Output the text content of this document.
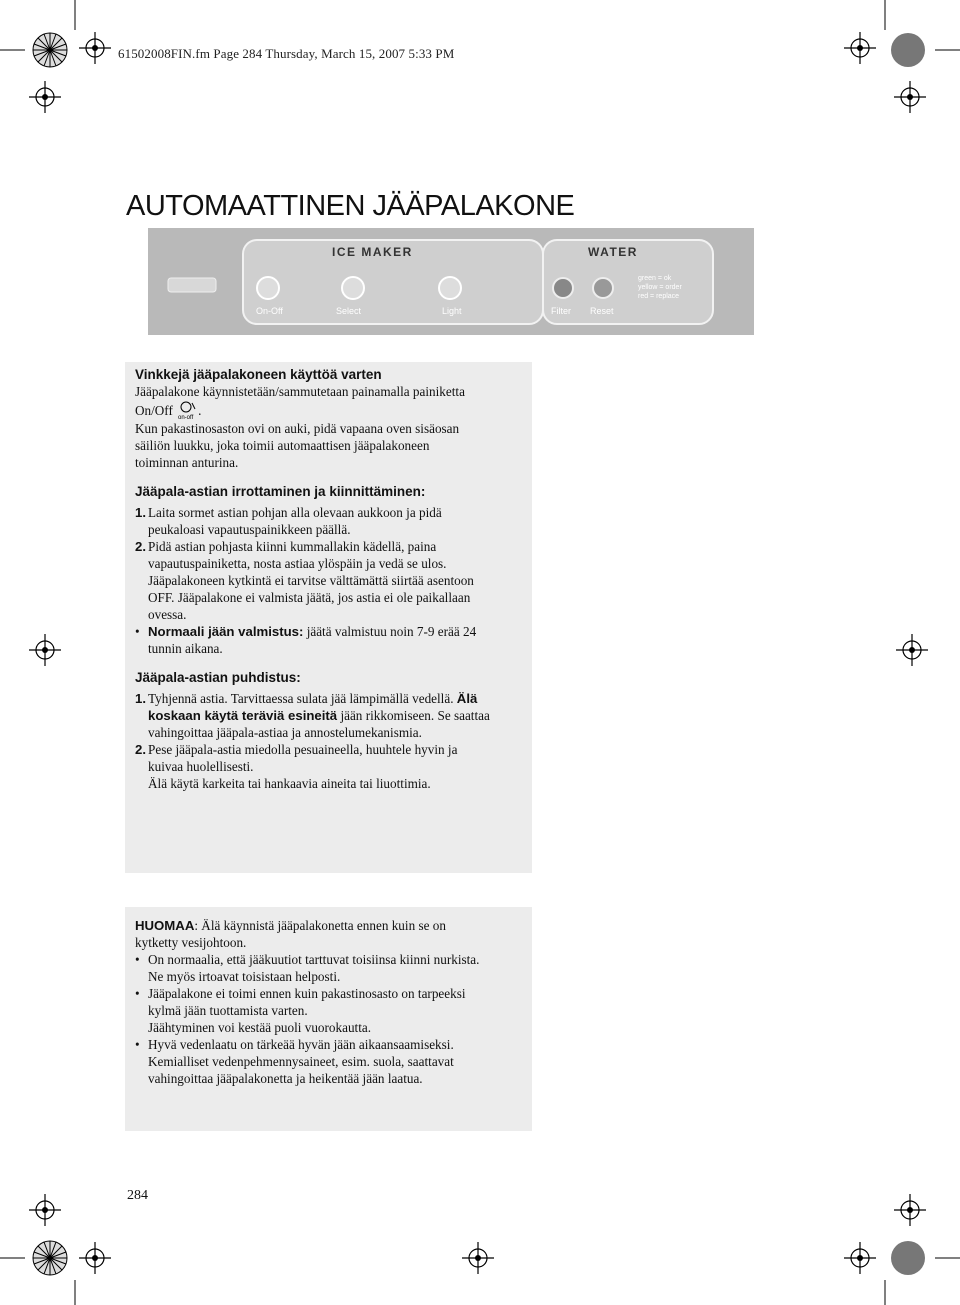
61502008FIN.fm Page 284 Thursday, March 15, 2007 5:33 PM
AUTOMAATTINEN JÄÄPALAKONE
ICE MAKER	WATER
green = ok
yellow = order
red = replace
On-Off	Select	Light	Filter Reset

Vinkkejä jääpalakoneen käyttöä varten

Jääpalakone käynnistetään/sammutetaan painamalla painiketta

On/Off on-off .

Kun pakastinosaston ovi on auki, pidä vapaana oven sisäosan

säiliön luukku, joka toimii automaattisen jääpalakoneen

toiminnan anturina.

Jääpala-astian irrottaminen ja kiinnittäminen:

1. Laita sormet astian pohjan alla olevaan aukkoon ja pidä

peukaloasi vapautuspainikkeen päällä.

2. Pidä astian pohjasta kiinni kummallakin kädellä, paina

vapautuspainiketta, nosta astiaa ylöspäin ja vedä se ulos.

Jääpalakoneen kytkintä ei tarvitse välttämättä siirtää asentoon

OFF. Jääpalakone ei valmista jäätä, jos astia ei ole paikallaan

ovessa.

• Normaali jään valmistus: jäätä valmistuu noin 7-9 erää 24

tunnin aikana.

Jääpala-astian puhdistus:

1. Tyhjennä astia. Tarvittaessa sulata jää lämpimällä vedellä. Älä

koskaan käytä teräviä esineitä jään rikkomiseen. Se saattaa

vahingoittaa jääpala-astiaa ja annostelumekanismia.

2. Pese jääpala-astia miedolla pesuaineella, huuhtele hyvin ja

kuivaa huolellisesti.

Älä käytä karkeita tai hankaavia aineita tai liuottimia.

HUOMAA: Älä käynnistä jääpalakonetta ennen kuin se on

kytketty vesijohtoon.

• On normaalia, että jääkuutiot tarttuvat toisiinsa kiinni nurkista.

Ne myös irtoavat toisistaan helposti.

• Jääpalakone ei toimi ennen kuin pakastinosasto on tarpeeksi

kylmä jään tuottamista varten.

Jäähtyminen voi kestää puoli vuorokautta.

• Hyvä vedenlaatu on tärkeää hyvän jään aikaansaamiseksi.

Kemialliset vedenpehmennysaineet, esim. suola, saattavat

vahingoittaa jääpalakonetta ja heikentää jään laatua.

284
